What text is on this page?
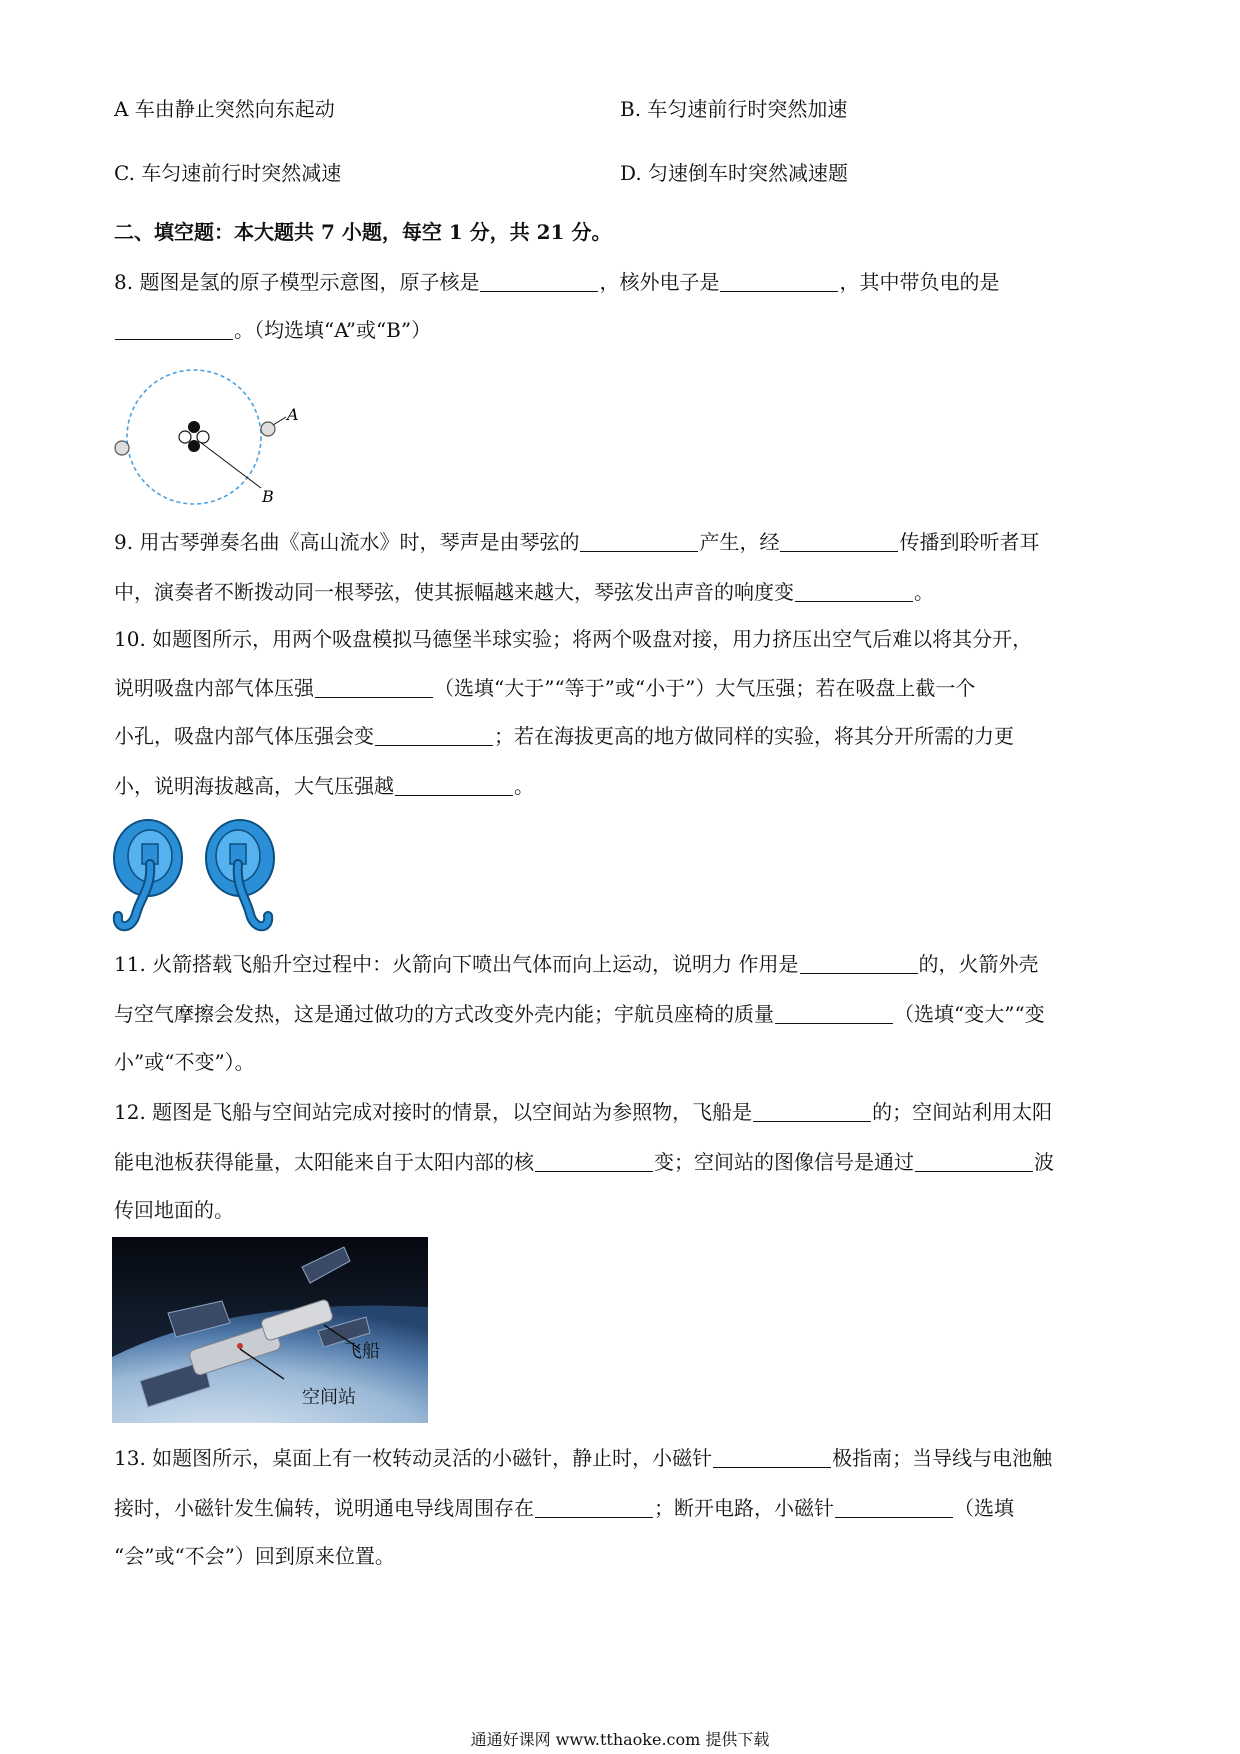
A 车由静止突然向东起动	B. 车匀速前行时突然加速
C. 车匀速前行时突然减速	D. 匀速倒车时突然减速题
二、填空题：本大题共 7 小题，每空 1 分，共 21 分。
8. 题图是氢的原子模型示意图，原子核是	，核外电子是	，其中带负电的是
。（均选填“A”或“B”）
A
B
9. 用古琴弹奏名曲《高山流水》时，琴声是由琴弦的	产生，经	传播到聆听者耳
中，演奏者不断拨动同一根琴弦，使其振幅越来越大，琴弦发出声音的响度变	。
10. 如题图所示，用两个吸盘模拟马德堡半球实验；将两个吸盘对接，用力挤压出空气后难以将其分开，
说明吸盘内部气体压强	（选填“大于”“等于”或“小于”）大气压强；若在吸盘上截一个
小孔，吸盘内部气体压强会变	；若在海拔更高的地方做同样的实验，将其分开所需的力更
小，说明海拔越高，大气压强越	。
11. 火箭搭载飞船升空过程中：火箭向下喷出气体而向上运动，说明力 作用是	的，火箭外壳
与空气摩擦会发热，这是通过做功的方式改变外壳内能；宇航员座椅的质量	（选填“变大”“变
小”或“不变”）。
12. 题图是飞船与空间站完成对接时的情景，以空间站为参照物，飞船是	的；空间站利用太阳
能电池板获得能量，太阳能来自于太阳内部的核	变；空间站的图像信号是通过	波
传回地面的。
飞船
空间站
13. 如题图所示，桌面上有一枚转动灵活的小磁针，静止时，小磁针	极指南；当导线与电池触
接时，小磁针发生偏转，说明通电导线周围存在	；断开电路，小磁针	（选填
“会”或“不会”）回到原来位置。
通通好课网 www.tthaoke.com 提供下载
